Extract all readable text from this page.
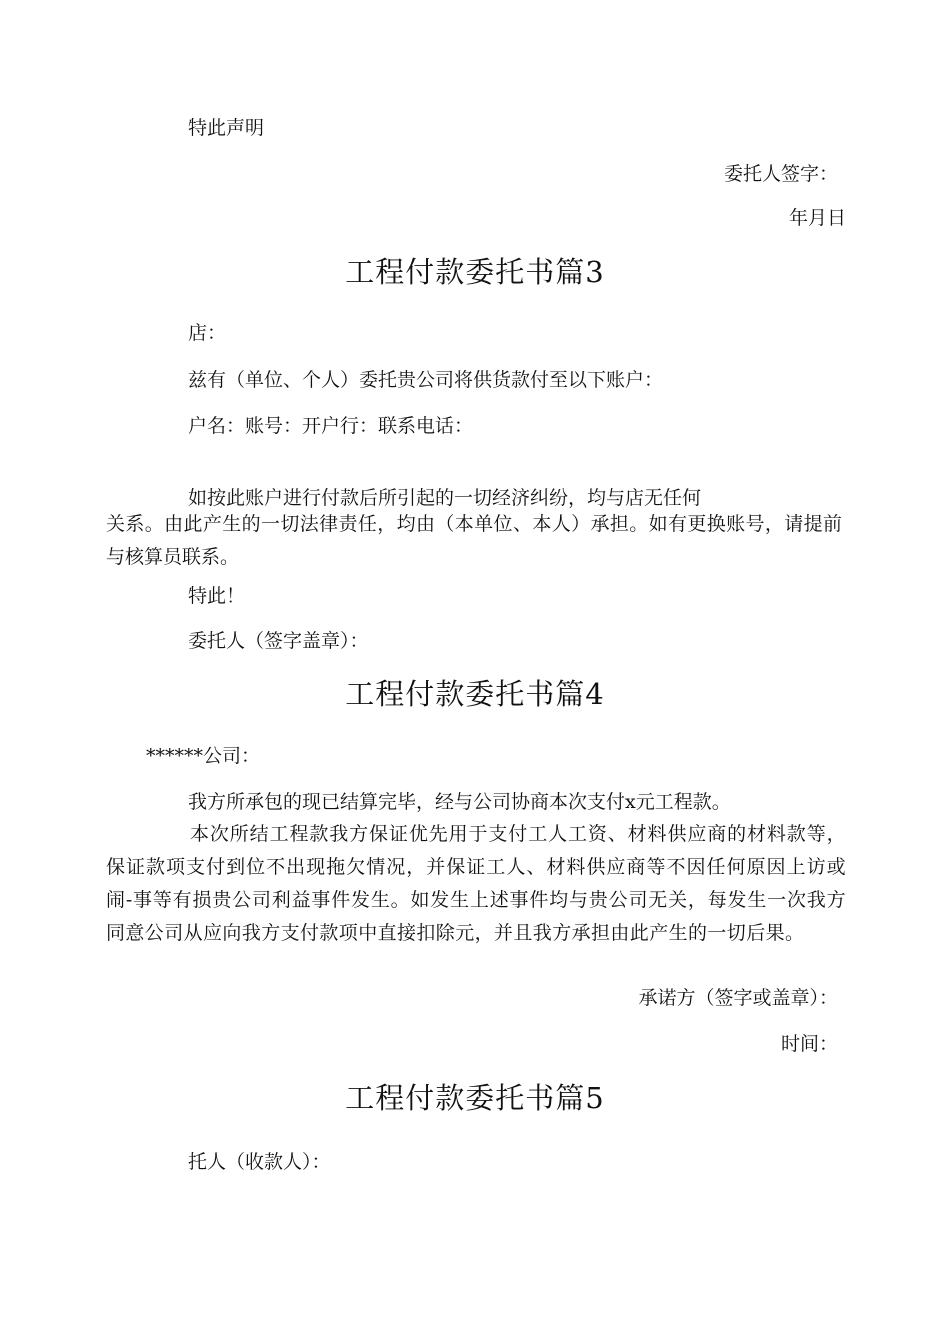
特此声明

委托人签字：

年月日

工程付款委托书篇3

店：

兹有（单位、个人）委托贵公司将供货款付至以下账户：

户名：账号：开户行：联系电话：

如按此账户进行付款后所引起的一切经济纠纷，均与店无任何

关系。由此产生的一切法律责任，均由（本单位、本人）承担。如有更换账号，请提前与核算员联系。

特此！

委托人（签字盖章）：

工程付款委托书篇4

******公司：

我方所承包的现已结算完毕，经与公司协商本次支付x元工程款。

本次所结工程款我方保证优先用于支付工人工资、材料供应商的材料款等，保证款项支付到位不出现拖欠情况，并保证工人、材料供应商等不因任何原因上访或闹-事等有损贵公司利益事件发生。如发生上述事件均与贵公司无关，每发生一次我方同意公司从应向我方支付款项中直接扣除元，并且我方承担由此产生的一切后果。

承诺方（签字或盖章）：

时间：

工程付款委托书篇5

托人（收款人）：
